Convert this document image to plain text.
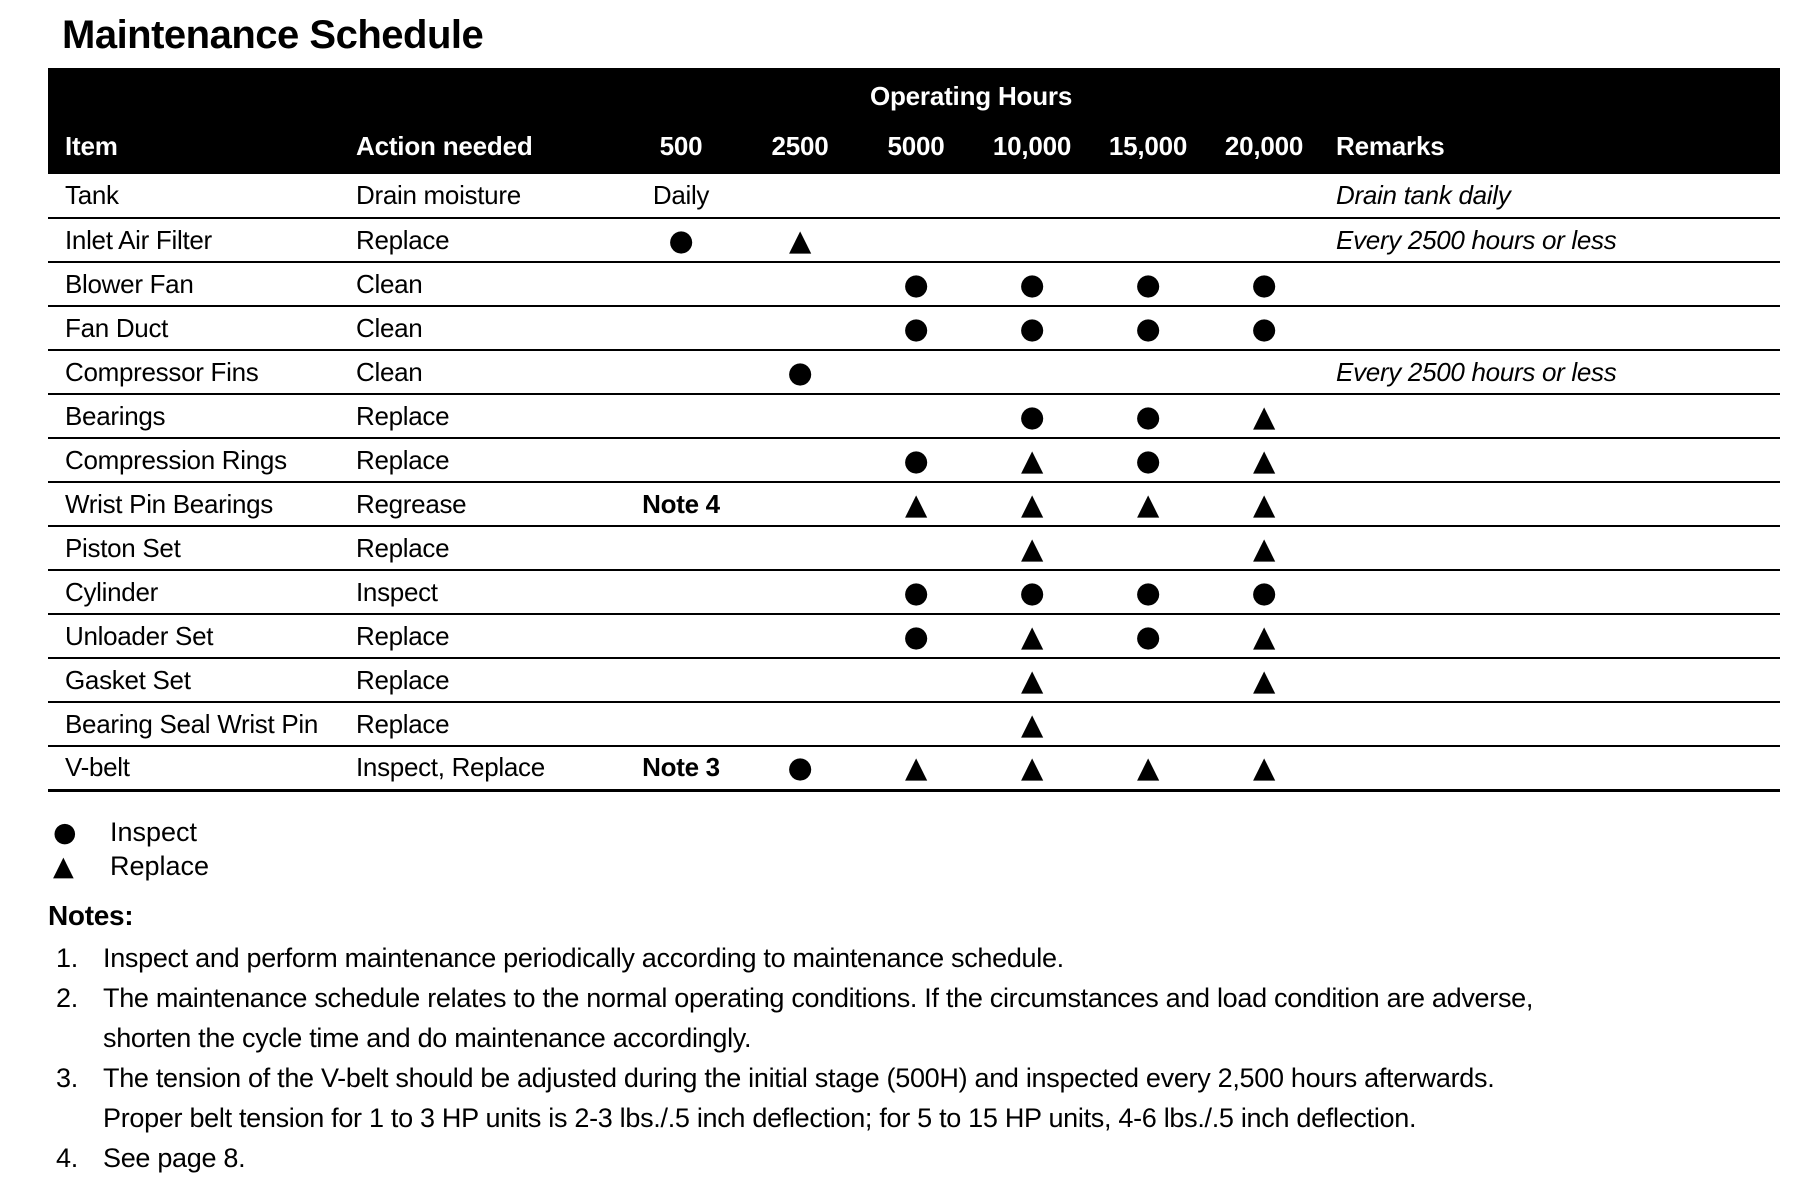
Maintenance Schedule
		Operating Hours						
Item	Action needed	500	2500	5000	10,000	15,000	20,000	Remarks
Tank	Drain moisture	Daily						Drain tank daily
Inlet Air Filter	Replace	●	▲					Every 2500 hours or less
Blower Fan	Clean			●	●	●	●	
Fan Duct	Clean			●	●	●	●	
Compressor Fins	Clean		●					Every 2500 hours or less
Bearings	Replace				●	●	▲	
Compression Rings	Replace			●	▲	●	▲	
Wrist Pin Bearings	Regrease	Note 4		▲	▲	▲	▲	
Piston Set	Replace				▲		▲	
Cylinder	Inspect			●	●	●	●	
Unloader Set	Replace			●	▲	●	▲	
Gasket Set	Replace				▲		▲	
Bearing Seal Wrist Pin	Replace				▲			
V-belt	Inspect, Replace	Note 3	●	▲	▲	▲	▲	
●	Inspect
▲	Replace
Notes:
1. Inspect and perform maintenance periodically according to maintenance schedule.
2. The maintenance schedule relates to the normal operating conditions. If the circumstances and load condition are adverse,
shorten the cycle time and do maintenance accordingly.
3. The tension of the V-belt should be adjusted during the initial stage (500H) and inspected every 2,500 hours afterwards.
Proper belt tension for 1 to 3 HP units is 2-3 lbs./.5 inch deflection; for 5 to 15 HP units, 4-6 lbs./.5 inch deflection.
4. See page 8.
